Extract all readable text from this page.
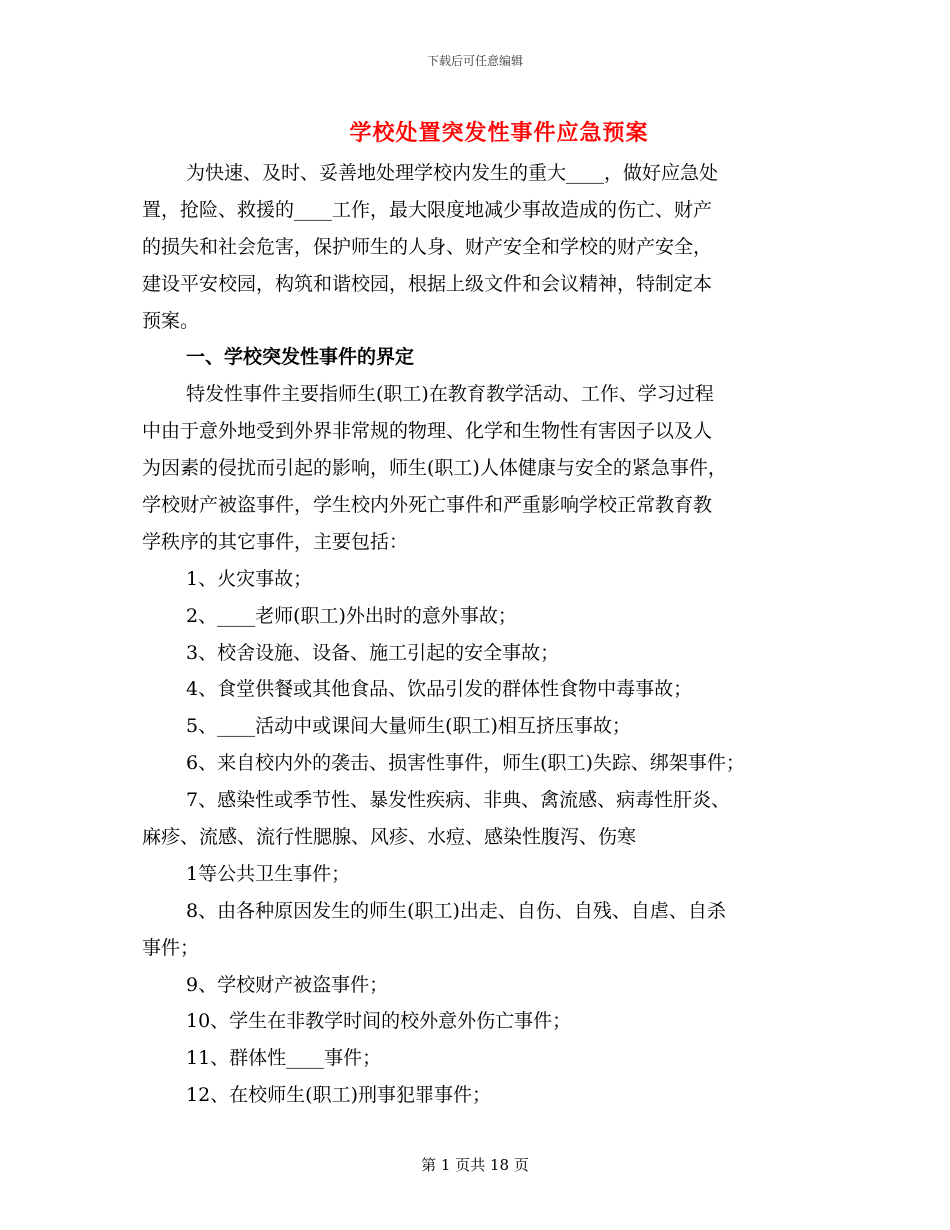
下载后可任意编辑
学校处置突发性事件应急预案
为快速、及时、妥善地处理学校内发生的重大____，做好应急处
置，抢险、救援的____工作，最大限度地减少事故造成的伤亡、财产
的损失和社会危害，保护师生的人身、财产安全和学校的财产安全，
建设平安校园，构筑和谐校园，根据上级文件和会议精神，特制定本
预案。
一、学校突发性事件的界定
特发性事件主要指师生(职工)在教育教学活动、工作、学习过程
中由于意外地受到外界非常规的物理、化学和生物性有害因子以及人
为因素的侵扰而引起的影响，师生(职工)人体健康与安全的紧急事件，
学校财产被盗事件，学生校内外死亡事件和严重影响学校正常教育教
学秩序的其它事件，主要包括：
1、火灾事故；
2、____老师(职工)外出时的意外事故；
3、校舍设施、设备、施工引起的安全事故；
4、食堂供餐或其他食品、饮品引发的群体性食物中毒事故；
5、____活动中或课间大量师生(职工)相互挤压事故；
6、来自校内外的袭击、损害性事件，师生(职工)失踪、绑架事件；
7、感染性或季节性、暴发性疾病、非典、禽流感、病毒性肝炎、
麻疹、流感、流行性腮腺、风疹、水痘、感染性腹泻、伤寒
1等公共卫生事件；
8、由各种原因发生的师生(职工)出走、自伤、自残、自虐、自杀
事件；
9、学校财产被盗事件；
10、学生在非教学时间的校外意外伤亡事件；
11、群体性____事件；
12、在校师生(职工)刑事犯罪事件；
第 1 页共 18 页
